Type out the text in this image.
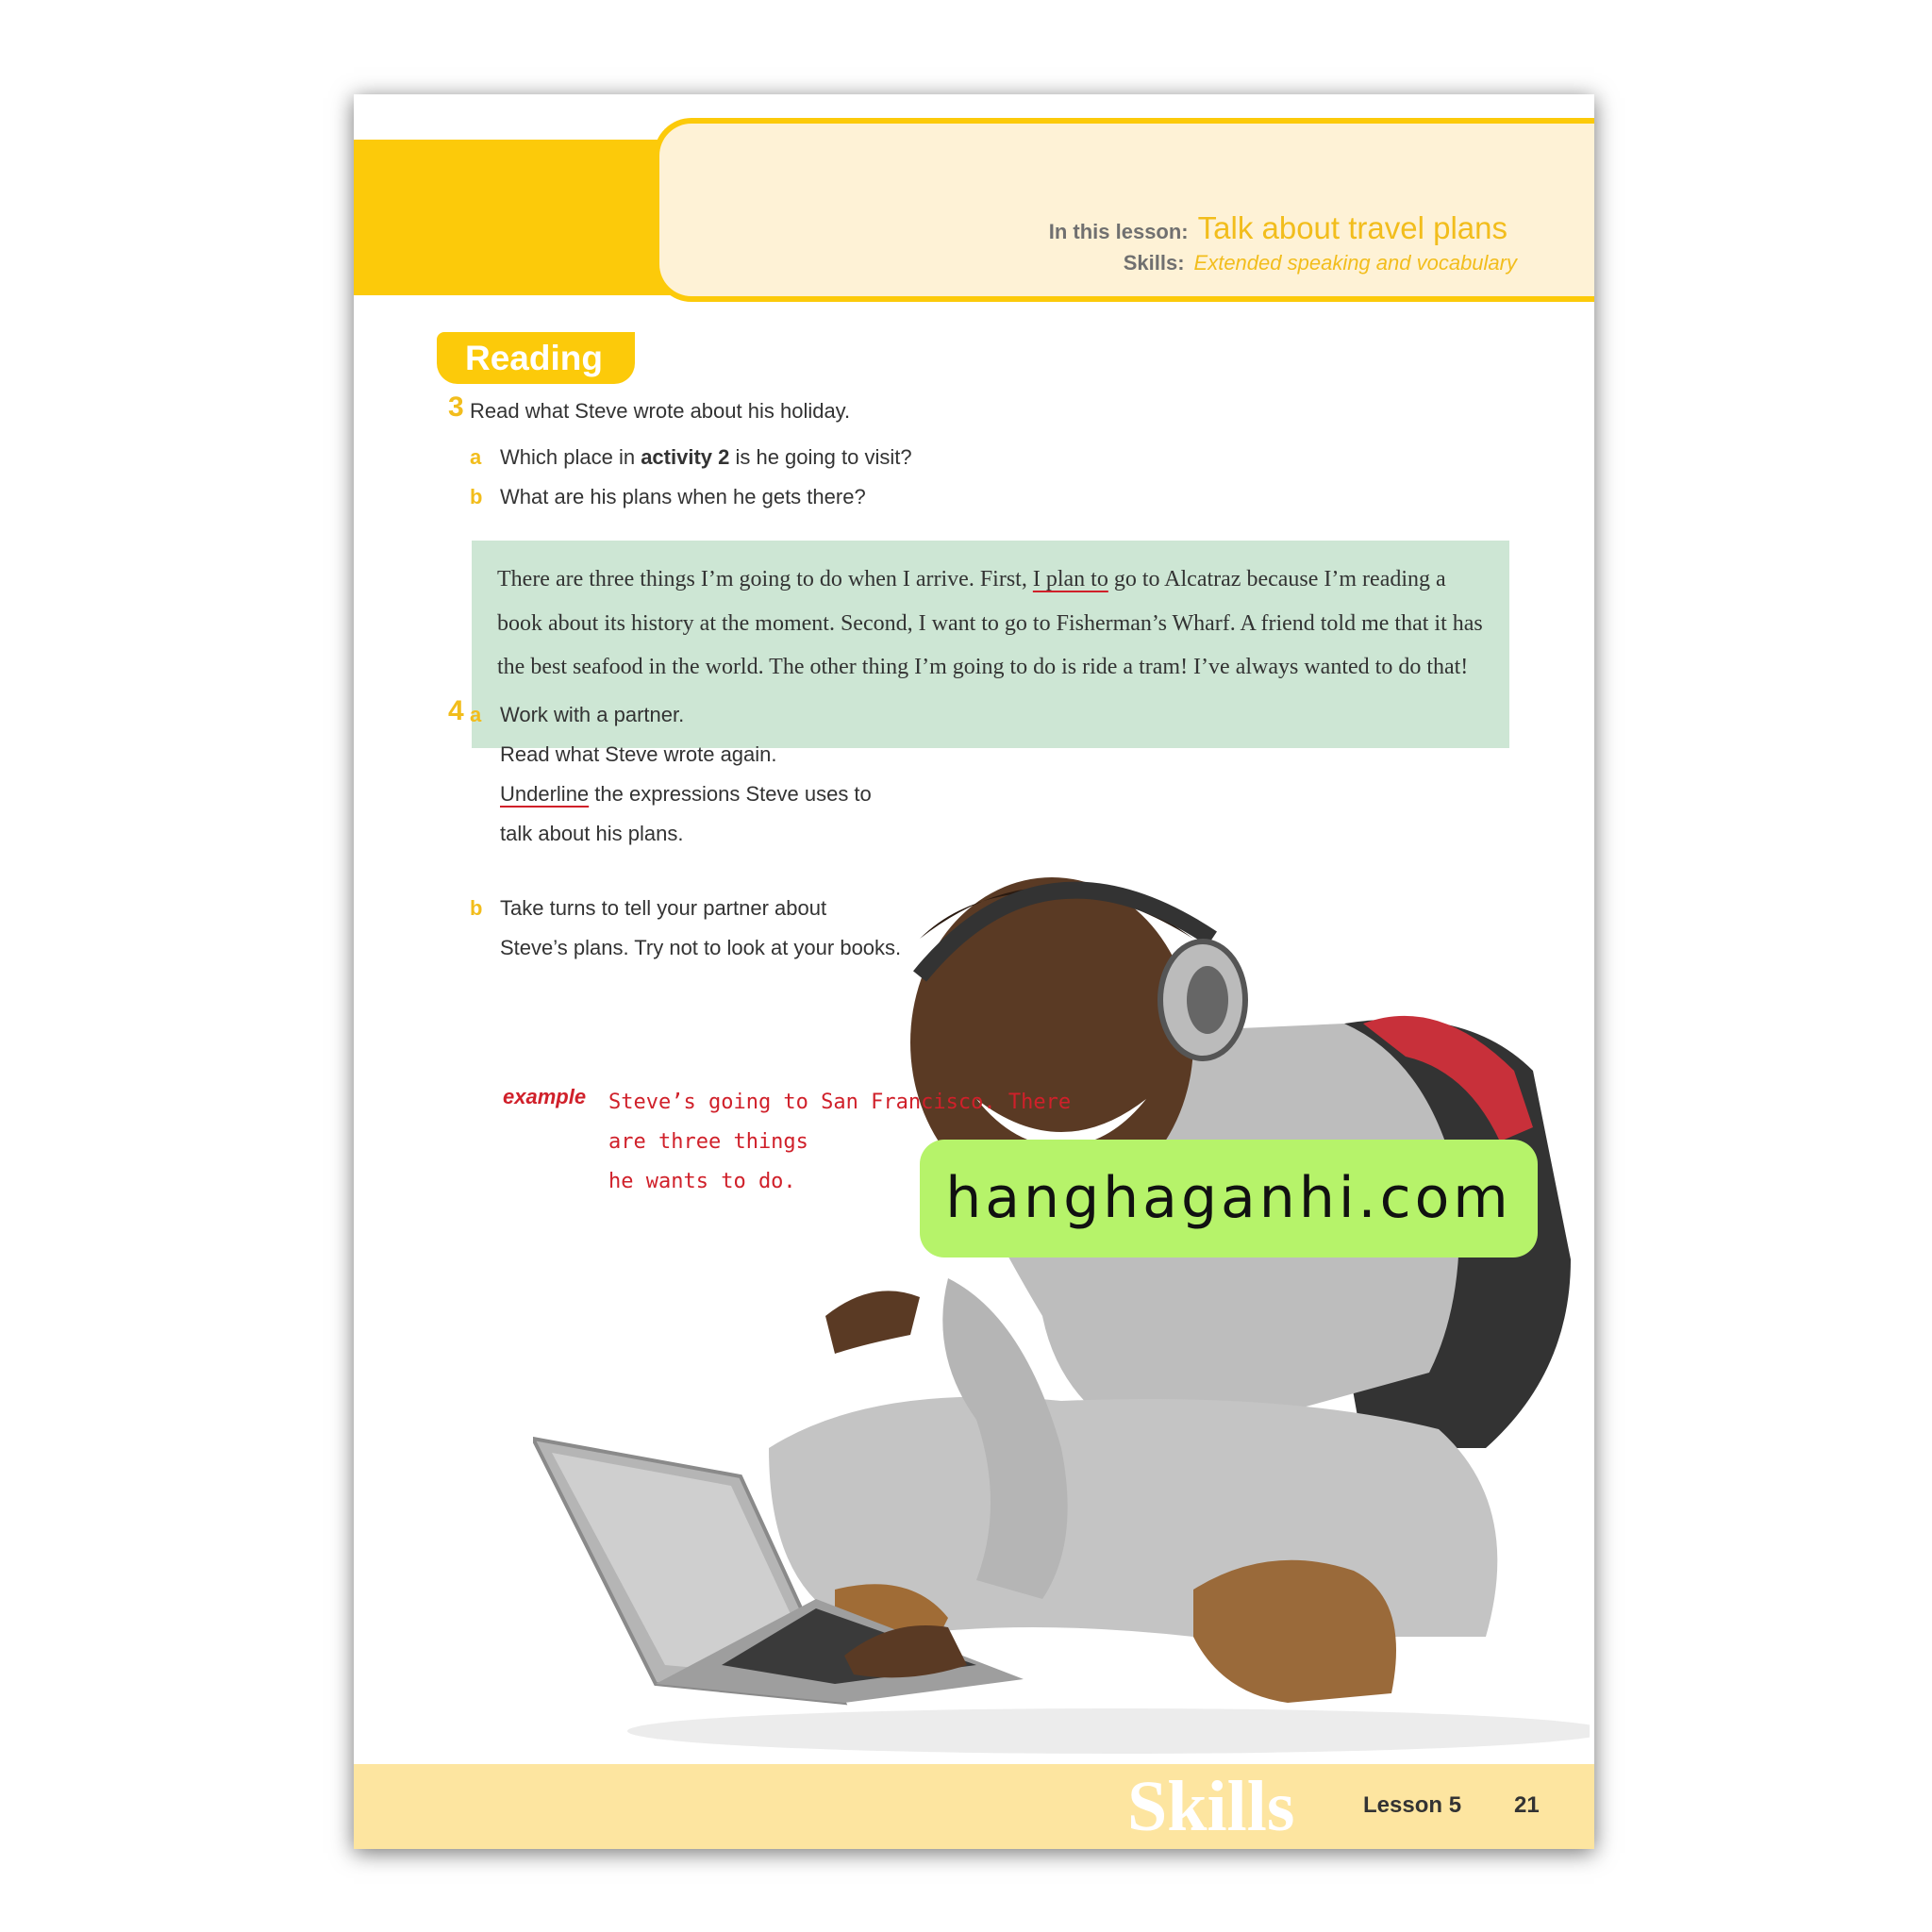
In this lesson: Talk about travel plans
Skills: Extended speaking and vocabulary
Reading
3 Read what Steve wrote about his holiday.
a Which place in activity 2 is he going to visit?
b What are his plans when he gets there?
There are three things I’m going to do when I arrive. First, I plan to go to Alcatraz because I’m reading a book about its history at the moment. Second, I want to go to Fisherman’s Wharf. A friend told me that it has the best seafood in the world. The other thing I’m going to do is ride a tram! I’ve always wanted to do that!
4 a Work with a partner.
Read what Steve wrote again.
Underline the expressions Steve uses to
talk about his plans.
b Take turns to tell your partner about
Steve’s plans. Try not to look at your books.
example Steve’s going to San Francisco. There
are three things
he wants to do.	hanghaganhi.com
Skills	Lesson 5 21
